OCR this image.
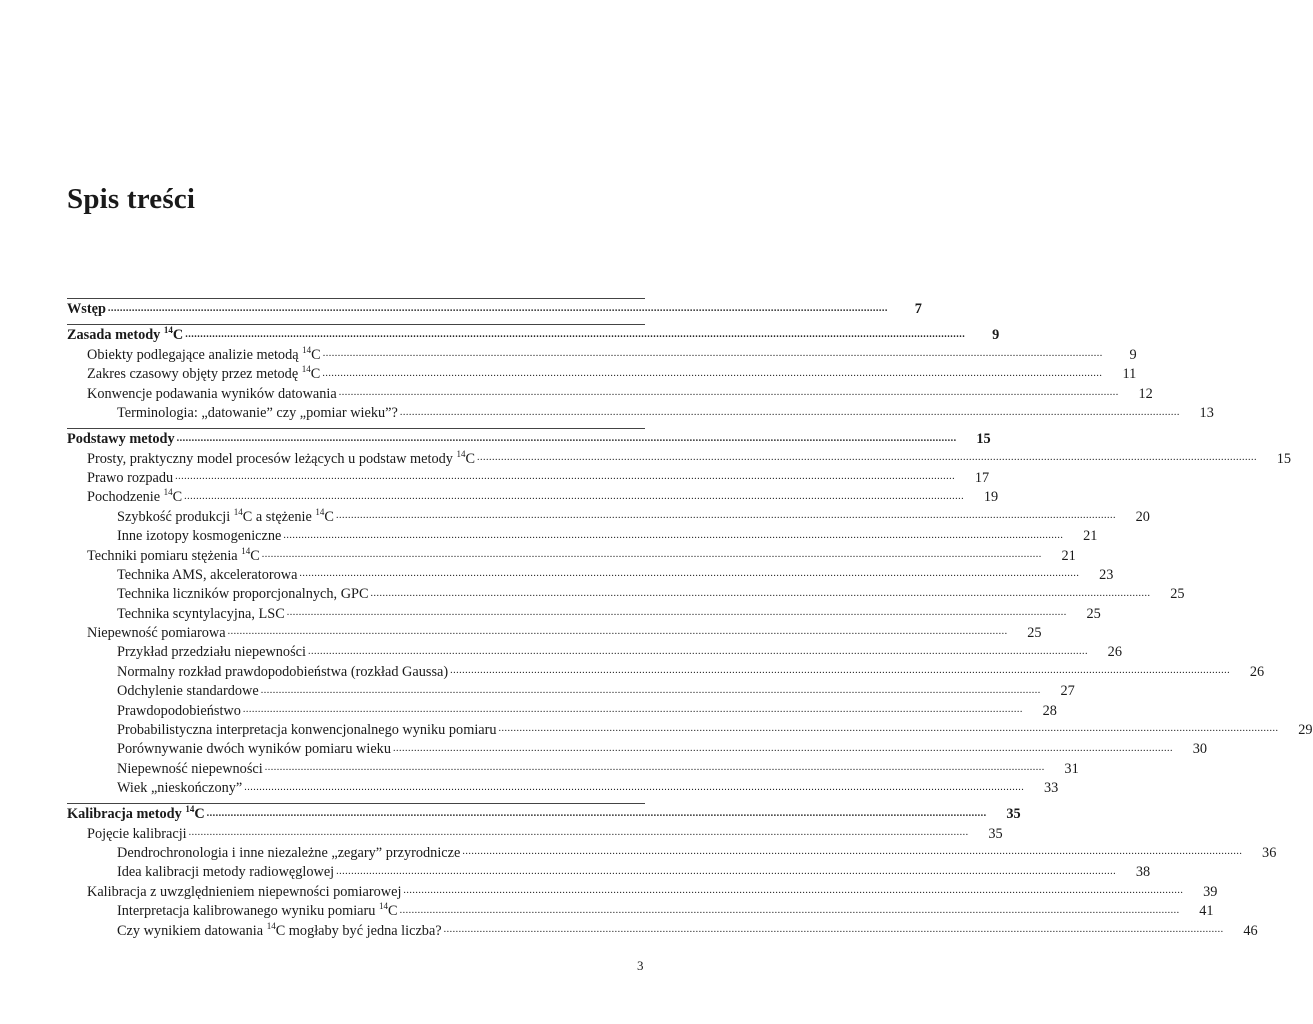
Spis treści
Wstęp ....................................................................................................................................................................................................................................................................	7
Zasada metody $^{14}$C ....................................................................................................................................................................................................................................................................	9
Obiekty podlegające analizie metodą $^{14}$C ....................................................................................................................................................................................................................................................................	9
Zakres czasowy objęty przez metodę $^{14}$C ....................................................................................................................................................................................................................................................................	11
Konwencje podawania wyników datowania ....................................................................................................................................................................................................................................................................	12
Terminologia: „datowanie” czy „pomiar wieku”? ....................................................................................................................................................................................................................................................................	13
Podstawy metody ....................................................................................................................................................................................................................................................................	15
Prosty, praktyczny model procesów leżących u podstaw metody $^{14}$C ....................................................................................................................................................................................................................................................................	15
Prawo rozpadu ....................................................................................................................................................................................................................................................................	17
Pochodzenie $^{14}$C ....................................................................................................................................................................................................................................................................	19
Szybkość produkcji $^{14}$C a stężenie $^{14}$C ....................................................................................................................................................................................................................................................................	20
Inne izotopy kosmogeniczne ....................................................................................................................................................................................................................................................................	21
Techniki pomiaru stężenia $^{14}$C ....................................................................................................................................................................................................................................................................	21
Technika AMS, akceleratorowa ....................................................................................................................................................................................................................................................................	23
Technika liczników proporcjonalnych, GPC ....................................................................................................................................................................................................................................................................	25
Technika scyntylacyjna, LSC ....................................................................................................................................................................................................................................................................	25
Niepewność pomiarowa ....................................................................................................................................................................................................................................................................	25
Przykład przedziału niepewności ....................................................................................................................................................................................................................................................................	26
Normalny rozkład prawdopodobieństwa (rozkład Gaussa) ....................................................................................................................................................................................................................................................................	26
Odchylenie standardowe ....................................................................................................................................................................................................................................................................	27
Prawdopodobieństwo ....................................................................................................................................................................................................................................................................	28
Probabilistyczna interpretacja konwencjonalnego wyniku pomiaru ....................................................................................................................................................................................................................................................................	29
Porównywanie dwóch wyników pomiaru wieku ....................................................................................................................................................................................................................................................................	30
Niepewność niepewności ....................................................................................................................................................................................................................................................................	31
Wiek „nieskończony” ....................................................................................................................................................................................................................................................................	33
Kalibracja metody $^{14}$C ....................................................................................................................................................................................................................................................................	35
Pojęcie kalibracji ....................................................................................................................................................................................................................................................................	35
Dendrochronologia i inne niezależne „zegary” przyrodnicze ....................................................................................................................................................................................................................................................................	36
Idea kalibracji metody radiowęglowej ....................................................................................................................................................................................................................................................................	38
Kalibracja z uwzględnieniem niepewności pomiarowej ....................................................................................................................................................................................................................................................................	39
Interpretacja kalibrowanego wyniku pomiaru $^{14}$C ....................................................................................................................................................................................................................................................................	41
Czy wynikiem datowania $^{14}$C mogłaby być jedna liczba? ....................................................................................................................................................................................................................................................................	46
3
